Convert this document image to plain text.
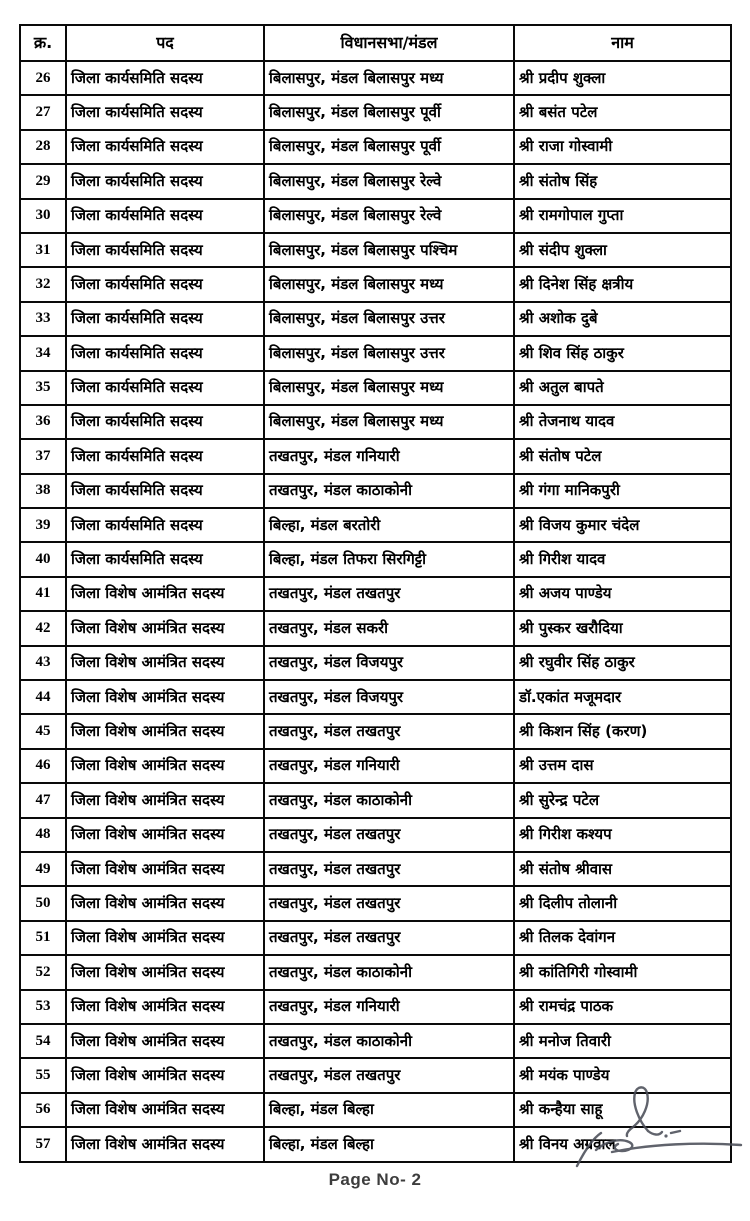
क्र.	पद	विधानसभा/मंडल	नाम
26	जिला कार्यसमिति सदस्य	बिलासपुर, मंडल बिलासपुर मध्य	श्री प्रदीप शुक्ला
27	जिला कार्यसमिति सदस्य	बिलासपुर, मंडल बिलासपुर पूर्वी	श्री बसंत पटेल
28	जिला कार्यसमिति सदस्य	बिलासपुर, मंडल बिलासपुर पूर्वी	श्री राजा गोस्वामी
29	जिला कार्यसमिति सदस्य	बिलासपुर, मंडल बिलासपुर रेल्वे	श्री संतोष सिंह
30	जिला कार्यसमिति सदस्य	बिलासपुर, मंडल बिलासपुर रेल्वे	श्री रामगोपाल गुप्ता
31	जिला कार्यसमिति सदस्य	बिलासपुर, मंडल बिलासपुर पश्चिम	श्री संदीप शुक्ला
32	जिला कार्यसमिति सदस्य	बिलासपुर, मंडल बिलासपुर मध्य	श्री दिनेश सिंह क्षत्रीय
33	जिला कार्यसमिति सदस्य	बिलासपुर, मंडल बिलासपुर उत्तर	श्री अशोक दुबे
34	जिला कार्यसमिति सदस्य	बिलासपुर, मंडल बिलासपुर उत्तर	श्री शिव सिंह ठाकुर
35	जिला कार्यसमिति सदस्य	बिलासपुर, मंडल बिलासपुर मध्य	श्री अतुल बापते
36	जिला कार्यसमिति सदस्य	बिलासपुर, मंडल बिलासपुर मध्य	श्री तेजनाथ यादव
37	जिला कार्यसमिति सदस्य	तखतपुर, मंडल गनियारी	श्री संतोष पटेल
38	जिला कार्यसमिति सदस्य	तखतपुर, मंडल काठाकोनी	श्री गंगा मानिकपुरी
39	जिला कार्यसमिति सदस्य	बिल्हा, मंडल बरतोरी	श्री विजय कुमार चंदेल
40	जिला कार्यसमिति सदस्य	बिल्हा, मंडल तिफरा सिरगिट्टी	श्री गिरीश यादव
41	जिला विशेष आमंत्रित सदस्य	तखतपुर, मंडल तखतपुर	श्री अजय पाण्डेय
42	जिला विशेष आमंत्रित सदस्य	तखतपुर, मंडल सकरी	श्री पुस्कर खरौदिया
43	जिला विशेष आमंत्रित सदस्य	तखतपुर, मंडल विजयपुर	श्री रघुवीर सिंह ठाकुर
44	जिला विशेष आमंत्रित सदस्य	तखतपुर, मंडल विजयपुर	डॉ.एकांत मजूमदार
45	जिला विशेष आमंत्रित सदस्य	तखतपुर, मंडल तखतपुर	श्री किशन सिंह (करण)
46	जिला विशेष आमंत्रित सदस्य	तखतपुर, मंडल गनियारी	श्री उत्तम दास
47	जिला विशेष आमंत्रित सदस्य	तखतपुर, मंडल काठाकोनी	श्री सुरेन्द्र पटेल
48	जिला विशेष आमंत्रित सदस्य	तखतपुर, मंडल तखतपुर	श्री गिरीश कश्यप
49	जिला विशेष आमंत्रित सदस्य	तखतपुर, मंडल तखतपुर	श्री संतोष श्रीवास
50	जिला विशेष आमंत्रित सदस्य	तखतपुर, मंडल तखतपुर	श्री दिलीप तोलानी
51	जिला विशेष आमंत्रित सदस्य	तखतपुर, मंडल तखतपुर	श्री तिलक देवांगन
52	जिला विशेष आमंत्रित सदस्य	तखतपुर, मंडल काठाकोनी	श्री कांतिगिरी गोस्वामी
53	जिला विशेष आमंत्रित सदस्य	तखतपुर, मंडल गनियारी	श्री रामचंद्र पाठक
54	जिला विशेष आमंत्रित सदस्य	तखतपुर, मंडल काठाकोनी	श्री मनोज तिवारी
55	जिला विशेष आमंत्रित सदस्य	तखतपुर, मंडल तखतपुर	श्री मयंक पाण्डेय
56	जिला विशेष आमंत्रित सदस्य	बिल्हा, मंडल बिल्हा	श्री कन्हैया साहू
57	जिला विशेष आमंत्रित सदस्य	बिल्हा, मंडल बिल्हा	श्री विनय अग्रवाल
Page No- 2
